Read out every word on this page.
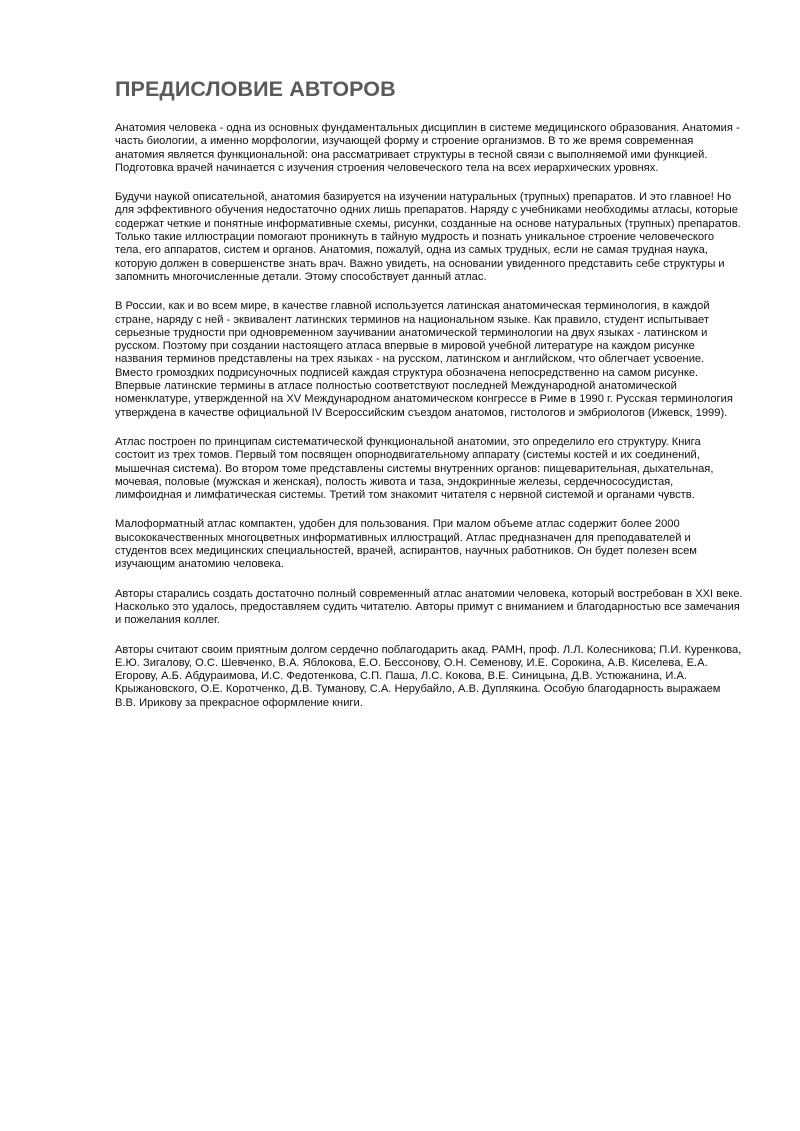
ПРЕДИСЛОВИЕ АВТОРОВ

Анатомия человека - одна из основных фундаментальных дисциплин в системе медицинского образования. Анатомия - часть биологии, а именно морфологии, изучающей форму и строение организмов. В то же время современная анатомия является функциональной: она рассматривает структуры в тесной связи с выполняемой ими функцией. Подготовка врачей начинается с изучения строения человеческого тела на всех иерархических уровнях.

Будучи наукой описательной, анатомия базируется на изучении натуральных (трупных) препаратов. И это главное! Но для эффективного обучения недостаточно одних лишь препаратов. Наряду с учебниками необходимы атласы, которые содержат четкие и понятные информативные схемы, рисунки, созданные на основе натуральных (трупных) препаратов. Только такие иллюстрации помогают проникнуть в тайную мудрость и познать уникальное строение человеческого тела, его аппаратов, систем и органов. Анатомия, пожалуй, одна из самых трудных, если не самая трудная наука, которую должен в совершенстве знать врач. Важно увидеть, на основании увиденного представить себе структуры и запомнить многочисленные детали. Этому способствует данный атлас.

В России, как и во всем мире, в качестве главной используется латинская анатомическая терминология, в каждой стране, наряду с ней - эквивалент латинских терминов на национальном языке. Как правило, студент испытывает серьезные трудности при одновременном заучивании анатомической терминологии на двух языках - латинском и русском. Поэтому при создании настоящего атласа впервые в мировой учебной литературе на каждом рисунке названия терминов представлены на трех языках - на русском, латинском и английском, что облегчает усвоение. Вместо громоздких подрисуночных подписей каждая структура обозначена непосредственно на самом рисунке. Впервые латинские термины в атласе полностью соответствуют последней Международной анатомической номенклатуре, утвержденной на XV Международном анатомическом конгрессе в Риме в 1990 г. Русская терминология утверждена в качестве официальной IV Всероссийским съездом анатомов, гистологов и эмбриологов (Ижевск, 1999).

Атлас построен по принципам систематической функциональной анатомии, это определило его структуру. Книга состоит из трех томов. Первый том посвящен опорнодвигательному аппарату (системы костей и их соединений, мышечная система). Во втором томе представлены системы внутренних органов: пищеварительная, дыхательная, мочевая, половые (мужская и женская), полость живота и таза, эндокринные железы, сердечнососудистая, лимфоидная и лимфатическая системы. Третий том знакомит читателя с нервной системой и органами чувств.

Малоформатный атлас компактен, удобен для пользования. При малом объеме атлас содержит более 2000 высококачественных многоцветных информативных иллюстраций. Атлас предназначен для преподавателей и студентов всех медицинских специальностей, врачей, аспирантов, научных работников. Он будет полезен всем изучающим анатомию человека.

Авторы старались создать достаточно полный современный атлас анатомии человека, который востребован в XXI веке. Насколько это удалось, предоставляем судить читателю. Авторы примут с вниманием и благодарностью все замечания и пожелания коллег.

Авторы считают своим приятным долгом сердечно поблагодарить акад. РАМН, проф. Л.Л. Колесникова; П.И. Куренкова, Е.Ю. Зигалову, О.С. Шевченко, В.А. Яблокова, Е.О. Бессонову, О.Н. Семенову, И.Е. Сорокина, А.В. Киселева, Е.А. Егорову, А.Б. Абдураимова, И.С. Федотенкова, С.П. Паша, Л.С. Кокова, В.Е. Синицына, Д.В. Устюжанина, И.А. Крыжановского, О.Е. Коротченко, Д.В. Туманову, С.А. Нерубайло, А.В. Дуплякина. Особую благодарность выражаем В.В. Ирикову за прекрасное оформление книги.
